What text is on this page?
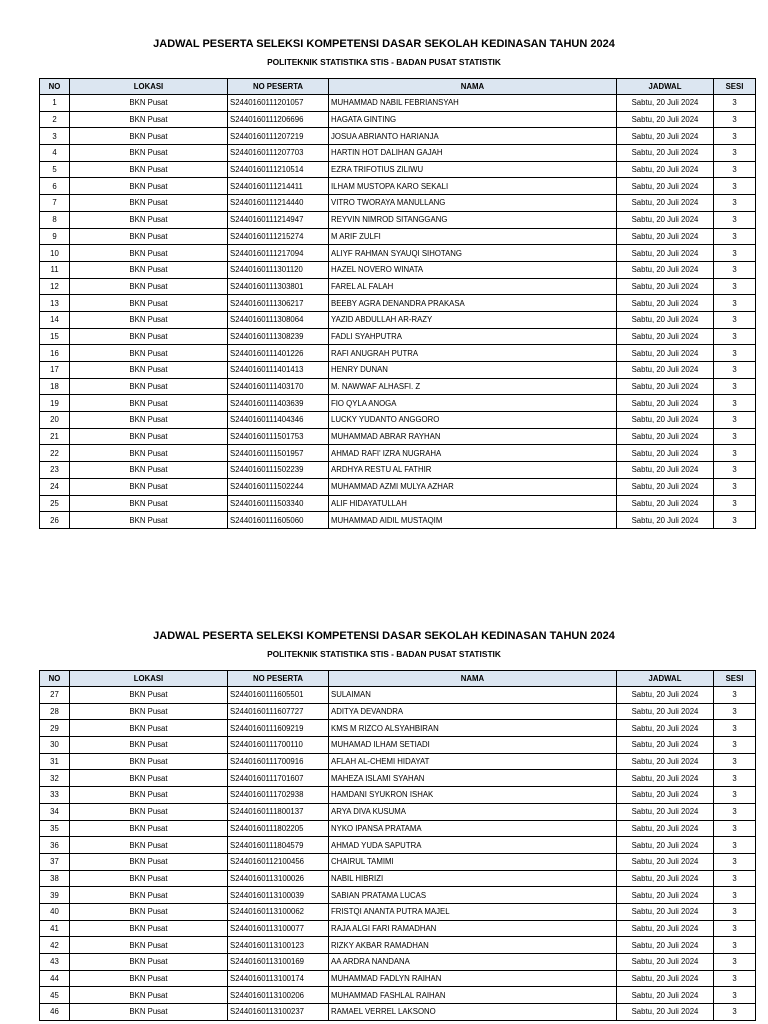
JADWAL PESERTA SELEKSI KOMPETENSI DASAR SEKOLAH KEDINASAN TAHUN 2024
POLITEKNIK STATISTIKA STIS - BADAN PUSAT STATISTIK
NO	LOKASI	NO PESERTA	NAMA	JADWAL	SESI
1	BKN Pusat	S2440160111201057	MUHAMMAD NABIL FEBRIANSYAH	Sabtu, 20 Juli 2024	3
2	BKN Pusat	S2440160111206696	HAGATA GINTING	Sabtu, 20 Juli 2024	3
3	BKN Pusat	S2440160111207219	JOSUA ABRIANTO HARIANJA	Sabtu, 20 Juli 2024	3
4	BKN Pusat	S2440160111207703	HARTIN HOT DALIHAN GAJAH	Sabtu, 20 Juli 2024	3
5	BKN Pusat	S2440160111210514	EZRA TRIFOTIUS ZILIWU	Sabtu, 20 Juli 2024	3
6	BKN Pusat	S2440160111214411	ILHAM MUSTOPA KARO SEKALI	Sabtu, 20 Juli 2024	3
7	BKN Pusat	S2440160111214440	VITRO TWORAYA MANULLANG	Sabtu, 20 Juli 2024	3
8	BKN Pusat	S2440160111214947	REYVIN NIMROD SITANGGANG	Sabtu, 20 Juli 2024	3
9	BKN Pusat	S2440160111215274	M ARIF ZULFI	Sabtu, 20 Juli 2024	3
10	BKN Pusat	S2440160111217094	ALIYF RAHMAN SYAUQI SIHOTANG	Sabtu, 20 Juli 2024	3
11	BKN Pusat	S2440160111301120	HAZEL NOVERO WINATA	Sabtu, 20 Juli 2024	3
12	BKN Pusat	S2440160111303801	FAREL AL FALAH	Sabtu, 20 Juli 2024	3
13	BKN Pusat	S2440160111306217	BEEBY AGRA DENANDRA PRAKASA	Sabtu, 20 Juli 2024	3
14	BKN Pusat	S2440160111308064	YAZID ABDULLAH AR-RAZY	Sabtu, 20 Juli 2024	3
15	BKN Pusat	S2440160111308239	FADLI SYAHPUTRA	Sabtu, 20 Juli 2024	3
16	BKN Pusat	S2440160111401226	RAFI ANUGRAH PUTRA	Sabtu, 20 Juli 2024	3
17	BKN Pusat	S2440160111401413	HENRY DUNAN	Sabtu, 20 Juli 2024	3
18	BKN Pusat	S2440160111403170	M. NAWWAF ALHASFI. Z	Sabtu, 20 Juli 2024	3
19	BKN Pusat	S2440160111403639	FIO QYLA ANOGA	Sabtu, 20 Juli 2024	3
20	BKN Pusat	S2440160111404346	LUCKY YUDANTO ANGGORO	Sabtu, 20 Juli 2024	3
21	BKN Pusat	S2440160111501753	MUHAMMAD ABRAR RAYHAN	Sabtu, 20 Juli 2024	3
22	BKN Pusat	S2440160111501957	AHMAD RAFI' IZRA NUGRAHA	Sabtu, 20 Juli 2024	3
23	BKN Pusat	S2440160111502239	ARDHYA RESTU AL FATHIR	Sabtu, 20 Juli 2024	3
24	BKN Pusat	S2440160111502244	MUHAMMAD AZMI MULYA AZHAR	Sabtu, 20 Juli 2024	3
25	BKN Pusat	S2440160111503340	ALIF HIDAYATULLAH	Sabtu, 20 Juli 2024	3
26	BKN Pusat	S2440160111605060	MUHAMMAD AIDIL MUSTAQIM	Sabtu, 20 Juli 2024	3
JADWAL PESERTA SELEKSI KOMPETENSI DASAR SEKOLAH KEDINASAN TAHUN 2024
POLITEKNIK STATISTIKA STIS - BADAN PUSAT STATISTIK
NO	LOKASI	NO PESERTA	NAMA	JADWAL	SESI
27	BKN Pusat	S2440160111605501	SULAIMAN	Sabtu, 20 Juli 2024	3
28	BKN Pusat	S2440160111607727	ADITYA DEVANDRA	Sabtu, 20 Juli 2024	3
29	BKN Pusat	S2440160111609219	KMS M RIZCO ALSYAHBIRAN	Sabtu, 20 Juli 2024	3
30	BKN Pusat	S2440160111700110	MUHAMAD ILHAM SETIADI	Sabtu, 20 Juli 2024	3
31	BKN Pusat	S2440160111700916	AFLAH AL-CHEMI HIDAYAT	Sabtu, 20 Juli 2024	3
32	BKN Pusat	S2440160111701607	MAHEZA ISLAMI SYAHAN	Sabtu, 20 Juli 2024	3
33	BKN Pusat	S2440160111702938	HAMDANI SYUKRON ISHAK	Sabtu, 20 Juli 2024	3
34	BKN Pusat	S2440160111800137	ARYA DIVA KUSUMA	Sabtu, 20 Juli 2024	3
35	BKN Pusat	S2440160111802205	NYKO IPANSA PRATAMA	Sabtu, 20 Juli 2024	3
36	BKN Pusat	S2440160111804579	AHMAD YUDA SAPUTRA	Sabtu, 20 Juli 2024	3
37	BKN Pusat	S2440160112100456	CHAIRUL TAMIMI	Sabtu, 20 Juli 2024	3
38	BKN Pusat	S2440160113100026	NABIL HIBRIZI	Sabtu, 20 Juli 2024	3
39	BKN Pusat	S2440160113100039	SABIAN PRATAMA LUCAS	Sabtu, 20 Juli 2024	3
40	BKN Pusat	S2440160113100062	FRISTQI ANANTA PUTRA MAJEL	Sabtu, 20 Juli 2024	3
41	BKN Pusat	S2440160113100077	RAJA ALGI FARI RAMADHAN	Sabtu, 20 Juli 2024	3
42	BKN Pusat	S2440160113100123	RIZKY AKBAR RAMADHAN	Sabtu, 20 Juli 2024	3
43	BKN Pusat	S2440160113100169	AA ARDRA NANDANA	Sabtu, 20 Juli 2024	3
44	BKN Pusat	S2440160113100174	MUHAMMAD FADLYN RAIHAN	Sabtu, 20 Juli 2024	3
45	BKN Pusat	S2440160113100206	MUHAMMAD FASHLAL RAIHAN	Sabtu, 20 Juli 2024	3
46	BKN Pusat	S2440160113100237	RAMAEL VERREL LAKSONO	Sabtu, 20 Juli 2024	3
